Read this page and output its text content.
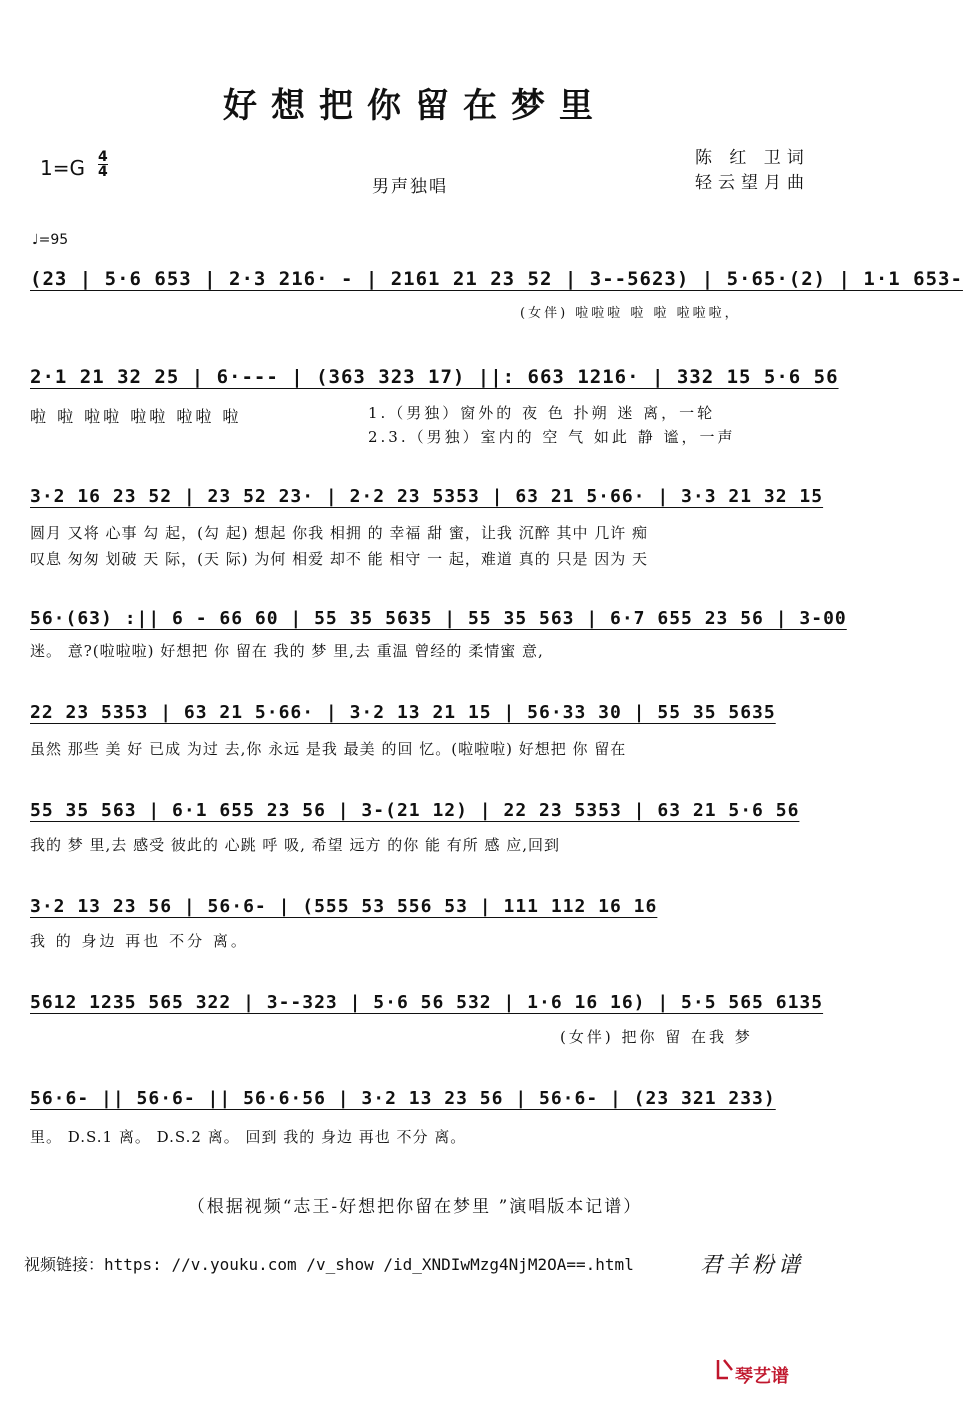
好想把你留在梦里
1=G 4
4
男声独唱
陈 红 卫词
轻云望月曲
♩=95
(23 | 5·6 653 | 2·3 216· - | 2161 21 23 52 | 3--5623) | 5·65·(2) | 1·1 653-
(女伴) 啦啦啦 啦 啦 啦啦啦，
2·1 21 32 25 | 6·--- | (363 323 17) ||: 663 1216· | 332 15 5·6 56
啦 啦 啦啦 啦啦 啦啦 啦	1.（男独）窗外的 夜 色 扑朔 迷 离，一轮
2.3.（男独）室内的 空 气 如此 静 谧，一声
3·2 16 23 52 | 23 52 23· | 2·2 23 5353 | 63 21 5·66· | 3·3 21 32 15
圆月 又将 心事 勾 起，(勾 起) 想起 你我 相拥 的 幸福 甜 蜜，让我 沉醉 其中 几许 痴
叹息 匆匆 划破 天 际，(天 际) 为何 相爱 却不 能 相守 一 起，难道 真的 只是 因为 天
56·(63) :|| 6 - 66 60 | 55 35 5635 | 55 35 563 | 6·7 655 23 56 | 3-00
迷。 意?(啦啦啦) 好想把 你 留在 我的 梦 里,去 重温 曾经的 柔情蜜 意,
22 23 5353 | 63 21 5·66· | 3·2 13 21 15 | 56·33 30 | 55 35 5635
虽然 那些 美 好 已成 为过 去,你 永远 是我 最美 的回 忆。(啦啦啦) 好想把 你 留在
55 35 563 | 6·1 655 23 56 | 3-(21 12) | 22 23 5353 | 63 21 5·6 56
我的 梦 里,去 感受 彼此的 心跳 呼 吸, 希望 远方 的你 能 有所 感 应,回到
3·2 13 23 56 | 56·6- | (555 53 556 53 | 111 112 16 16
我 的 身边 再也 不分 离。
5612 1235 565 322 | 3--323 | 5·6 56 532 | 1·6 16 16) | 5·5 565 6135
(女伴) 把你 留 在我 梦
56·6- || 56·6- || 56·6·56 | 3·2 13 23 56 | 56·6- | (23 321 233)
里。 D.S.1 离。 D.S.2 离。 回到 我的 身边 再也 不分 离。
（根据视频“志王-好想把你留在梦里 ”演唱版本记谱）
视频链接：https: //v.youku.com /v_show /id_XNDIwMzg4NjM2OA==.html	君羊粉谱
琴艺谱
